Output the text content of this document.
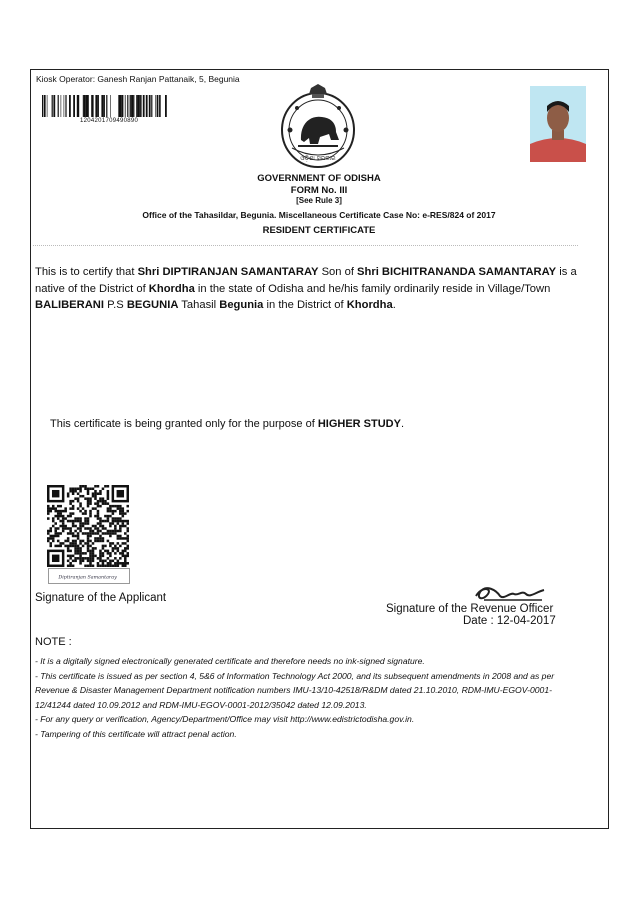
Kiosk Operator: Ganesh Ranjan Pattanaik, 5, Begunia
1204201709490890
ଓଡ଼ିଶା ସରକାର
GOVERNMENT OF ODISHA
FORM No. III
[See Rule 3]
Office of the Tahasildar, Begunia. Miscellaneous Certificate Case No: e-RES/824 of 2017
RESIDENT CERTIFICATE
This is to certify that Shri DIPTIRANJAN SAMANTARAY Son of Shri BICHITRANANDA SAMANTARAY is a native of the District of Khordha in the state of Odisha and he/his family ordinarily reside in Village/Town BALIBERANI P.S BEGUNIA Tahasil Begunia in the District of Khordha.
This certificate is being granted only for the purpose of HIGHER STUDY.
Diptiranjan Samantaray
Signature of the Applicant
Signature of the Revenue Officer
Date : 12-04-2017
NOTE :
- It is a digitally signed electronically generated certificate and therefore needs no ink-signed signature.
- This certificate is issued as per section 4, 5&6 of Information Technology Act 2000, and its subsequent amendments in 2008 and as per Revenue & Disaster Management Department notification numbers IMU-13/10-42518/R&DM dated 21.10.2010, RDM-IMU-EGOV-0001-12/41244 dated 10.09.2012 and RDM-IMU-EGOV-0001-2012/35042 dated 12.09.2013.
- For any query or verification, Agency/Department/Office may visit http://www.edistrictodisha.gov.in.
- Tampering of this certificate will attract penal action.
